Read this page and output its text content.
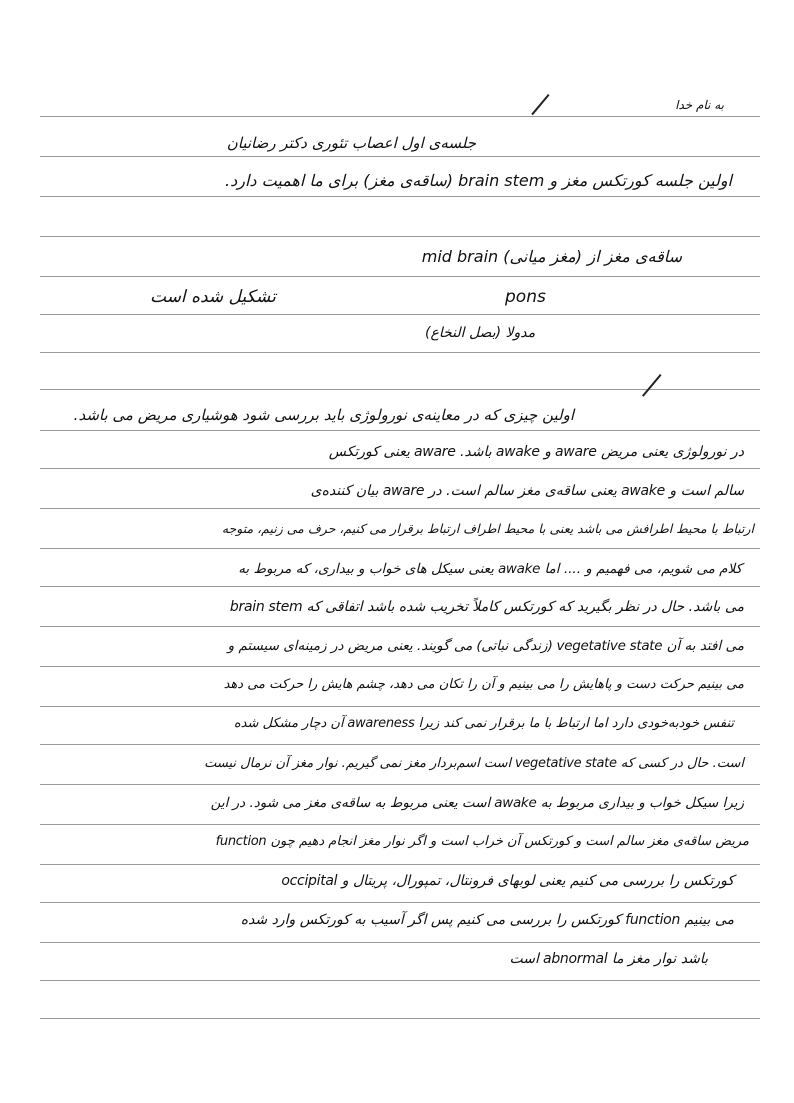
به نام خدا
جلسه‌ی اول اعصاب تئوری دکتر رضانیان
اولین جلسه کورتکس مغز و brain stem (ساقه‌ی مغز) برای ما اهمیت دارد.
ساقه‌ی مغز از
mid brain (مغز میانی)
pons
تشکیل شده است
مدولا (بصل النخاع)
اولین چیزی که در معاینه‌ی نورولوژی باید بررسی شود هوشیاری مریض می باشد.
در نورولوژی یعنی مریض aware و awake باشد. aware یعنی کورتکس
سالم است و awake یعنی ساقه‌ی مغز سالم است. در aware بیان کننده‌ی
ارتباط با محیط اطرافش می باشد یعنی با محیط اطراف ارتباط برقرار می کنیم، حرف می زنیم، متوجه
کلام می شویم، می فهمیم و .... اما awake یعنی سیکل های خواب و بیداری، که مربوط به
brain stem می باشد. حال در نظر بگیرید که کورتکس کاملاً تخریب شده باشد اتفاقی که
می افتد به آن vegetative state (زندگی نباتی) می گویند. یعنی مریض در زمینه‌ای سیستم و
می بینیم حرکت دست و پاهایش را می بینیم و آن را تکان می دهد، چشم هایش را حرکت می دهد
تنفس خودبه‌خودی دارد اما ارتباط با ما برقرار نمی کند زیرا awareness آن دچار مشکل شده
است. حال در کسی که vegetative state است اسم‌بردار مغز نمی گیریم. نوار مغز آن نرمال نیست
زیرا سیکل خواب و بیداری مربوط به awake است یعنی مربوط به ساقه‌ی مغز می شود. در این
مریض ساقه‌ی مغز سالم است و کورتکس آن خراب است و اگر نوار مغز انجام دهیم چون function
کورتکس را بررسی می کنیم یعنی لوبهای فرونتال، تمپورال، پریتال و occipital
می بینیم function کورتکس را بررسی می کنیم پس اگر آسیب به کورتکس وارد شده
باشد نوار مغز ما abnormal است
